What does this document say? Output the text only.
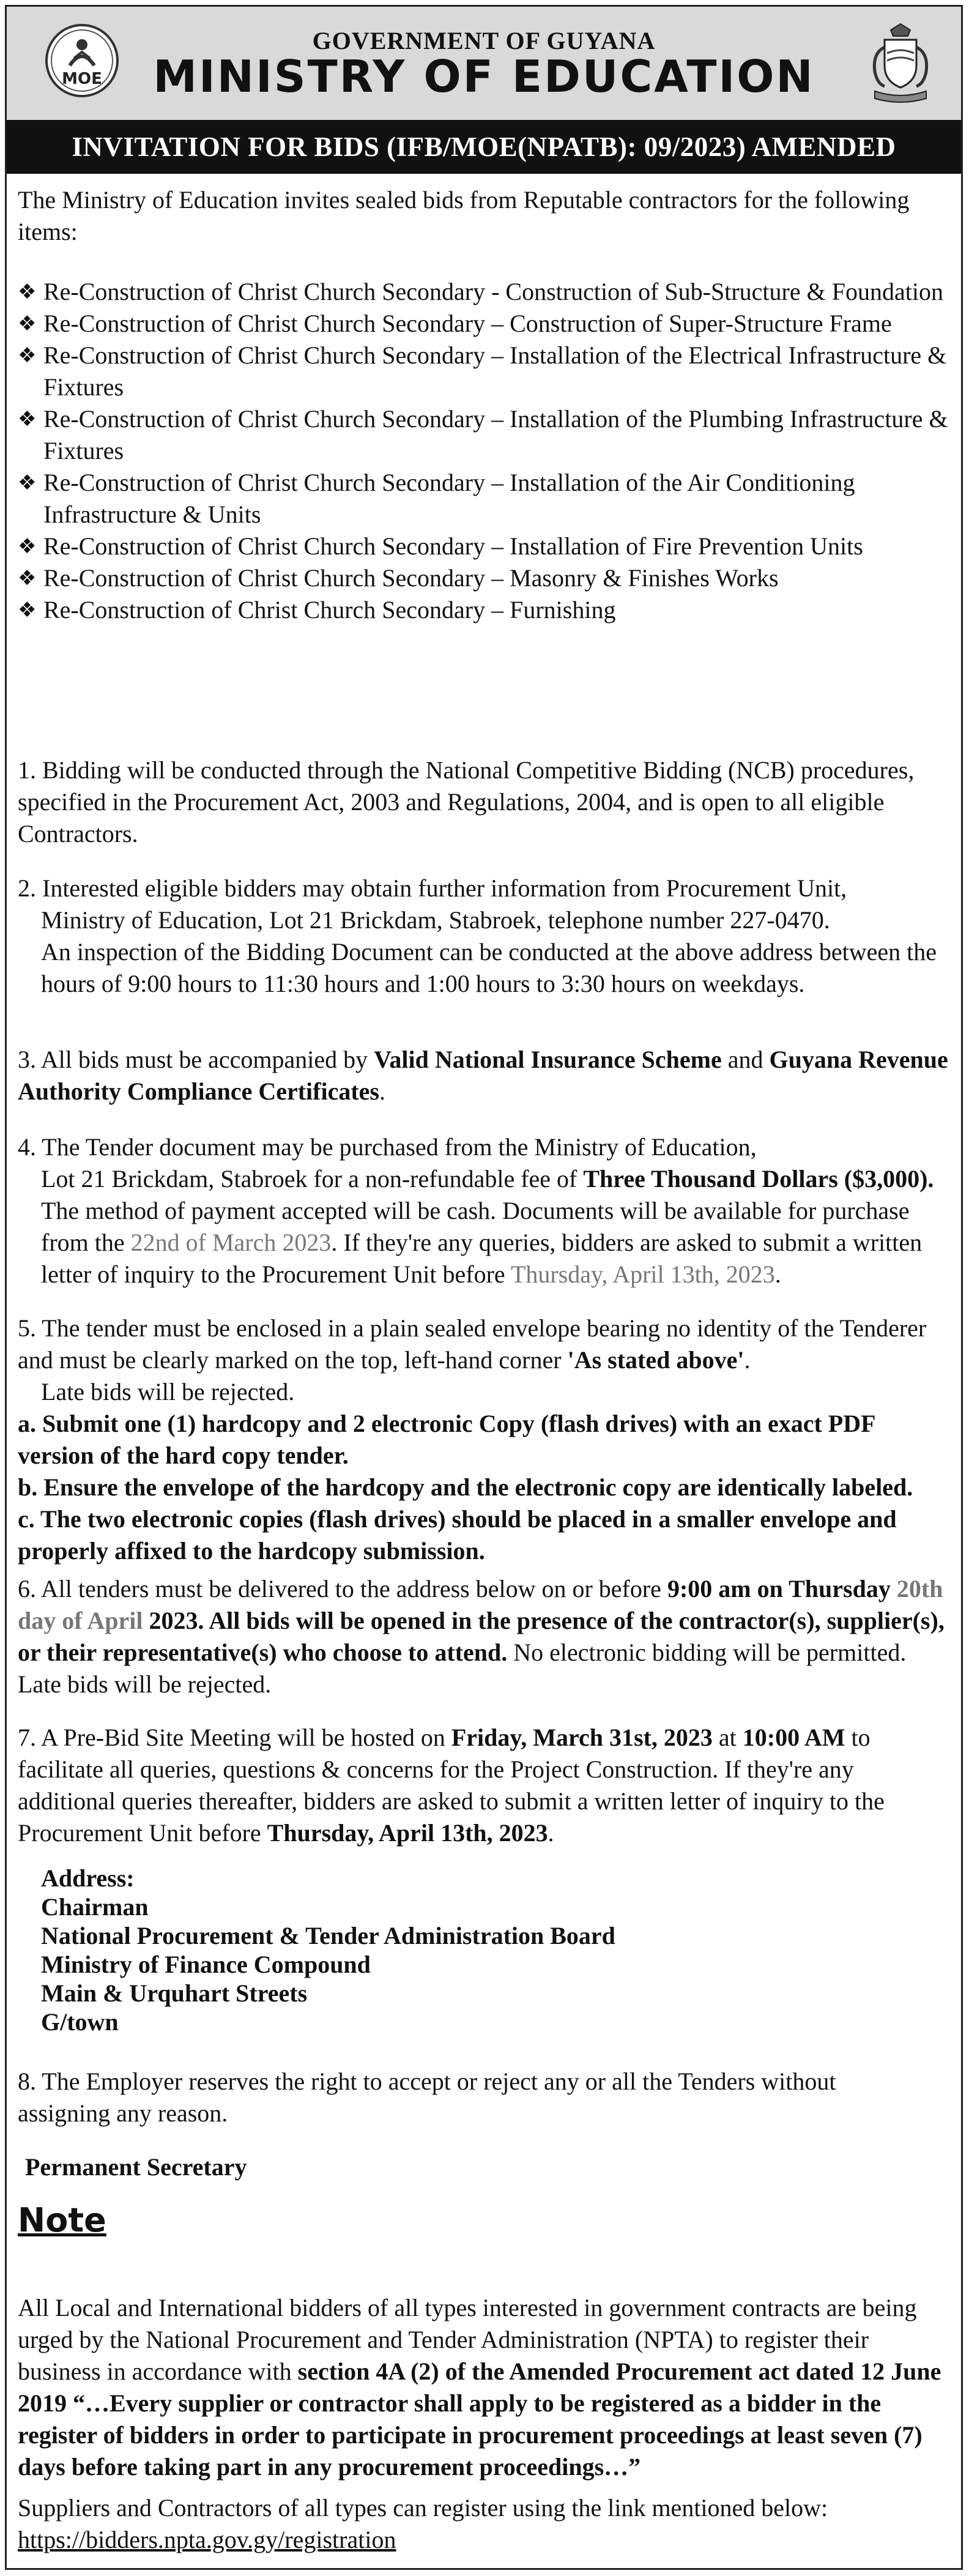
MOE
GOVERNMENT OF GUYANA
MINISTRY OF EDUCATION
INVITATION FOR BIDS (IFB/MOE(NPATB): 09/2023) AMENDED

The Ministry of Education invites sealed bids from Reputable contractors for the following items:

❖ Re-Construction of Christ Church Secondary - Construction of Sub-Structure & Foundation
❖ Re-Construction of Christ Church Secondary – Construction of Super-Structure Frame
❖ Re-Construction of Christ Church Secondary – Installation of the Electrical Infrastructure & Fixtures
❖ Re-Construction of Christ Church Secondary – Installation of the Plumbing Infrastructure & Fixtures
❖ Re-Construction of Christ Church Secondary – Installation of the Air Conditioning Infrastructure & Units
❖ Re-Construction of Christ Church Secondary – Installation of Fire Prevention Units
❖ Re-Construction of Christ Church Secondary – Masonry & Finishes Works
❖ Re-Construction of Christ Church Secondary – Furnishing

1. Bidding will be conducted through the National Competitive Bidding (NCB) procedures, specified in the Procurement Act, 2003 and Regulations, 2004, and is open to all eligible Contractors.

2. Interested eligible bidders may obtain further information from Procurement Unit,

Ministry of Education, Lot 21 Brickdam, Stabroek, telephone number 227-0470.

An inspection of the Bidding Document can be conducted at the above address between the hours of 9:00 hours to 11:30 hours and 1:00 hours to 3:30 hours on weekdays.

3. All bids must be accompanied by Valid National Insurance Scheme and Guyana Revenue Authority Compliance Certificates.

4. The Tender document may be purchased from the Ministry of Education,

Lot 21 Brickdam, Stabroek for a non-refundable fee of Three Thousand Dollars ($3,000). The method of payment accepted will be cash. Documents will be available for purchase from the 22nd of March 2023. If they're any queries, bidders are asked to submit a written letter of inquiry to the Procurement Unit before Thursday, April 13th, 2023.

5. The tender must be enclosed in a plain sealed envelope bearing no identity of the Tenderer and must be clearly marked on the top, left-hand corner 'As stated above'.

Late bids will be rejected.

a. Submit one (1) hardcopy and 2 electronic Copy (flash drives) with an exact PDF version of the hard copy tender.

b. Ensure the envelope of the hardcopy and the electronic copy are identically labeled.

c. The two electronic copies (flash drives) should be placed in a smaller envelope and properly affixed to the hardcopy submission.

6. All tenders must be delivered to the address below on or before 9:00 am on Thursday 20th day of April 2023. All bids will be opened in the presence of the contractor(s), supplier(s), or their representative(s) who choose to attend. No electronic bidding will be permitted. Late bids will be rejected.

7. A Pre-Bid Site Meeting will be hosted on Friday, March 31st, 2023 at 10:00 AM to facilitate all queries, questions & concerns for the Project Construction. If they're any additional queries thereafter, bidders are asked to submit a written letter of inquiry to the Procurement Unit before Thursday, April 13th, 2023.

Address:

Chairman

National Procurement & Tender Administration Board

Ministry of Finance Compound

Main & Urquhart Streets

G/town

8. The Employer reserves the right to accept or reject any or all the Tenders without assigning any reason.

Permanent Secretary

Note

All Local and International bidders of all types interested in government contracts are being urged by the National Procurement and Tender Administration (NPTA) to register their business in accordance with section 4A (2) of the Amended Procurement act dated 12 June 2019 “…Every supplier or contractor shall apply to be registered as a bidder in the register of bidders in order to participate in procurement proceedings at least seven (7) days before taking part in any procurement proceedings…”

Suppliers and Contractors of all types can register using the link mentioned below: https://bidders.npta.gov.gy/registration
